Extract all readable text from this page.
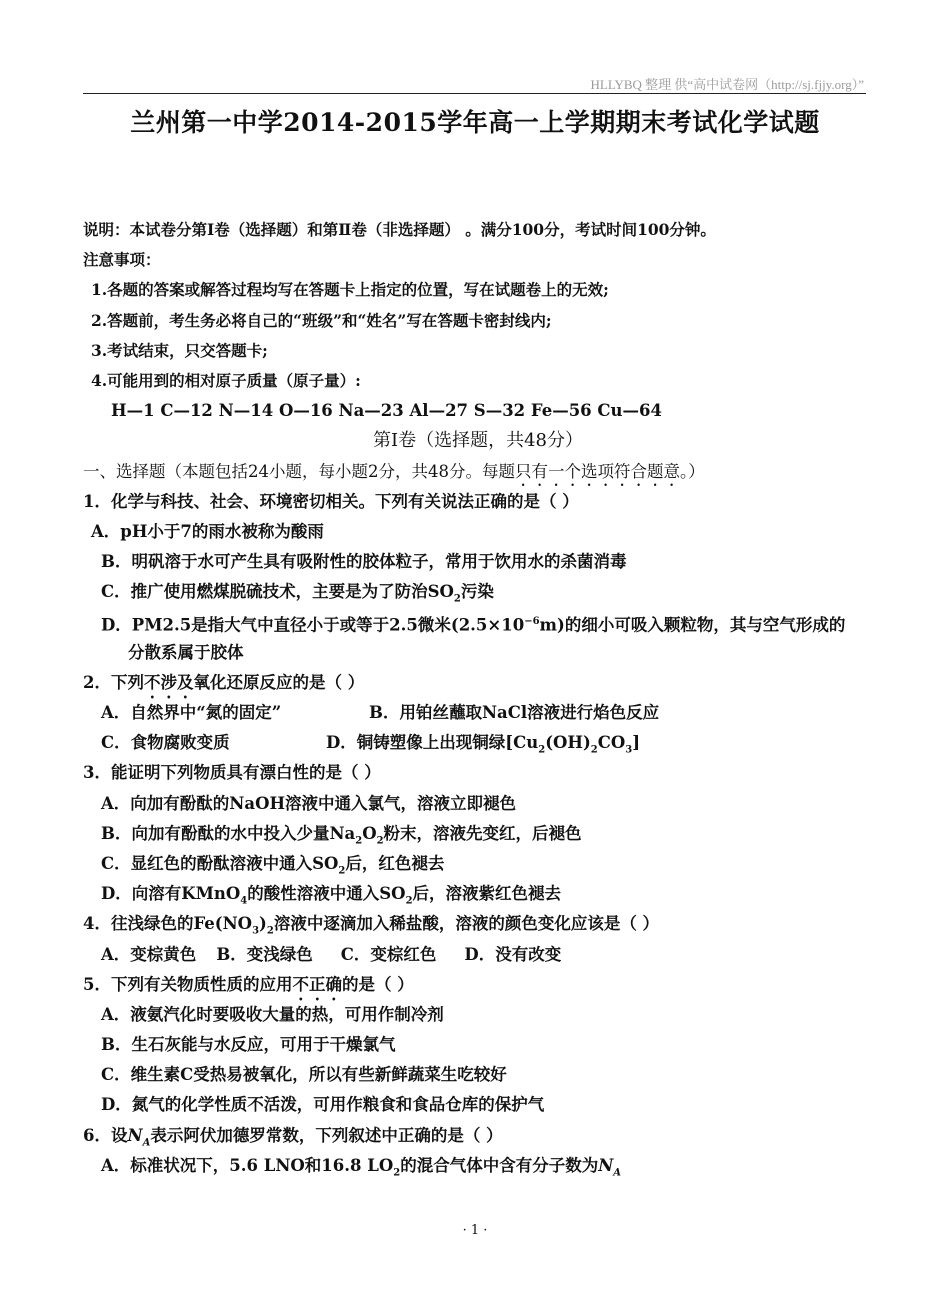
HLLYBQ 整理 供“高中试卷网（http://sj.fjjy.org）”
兰州第一中学2014-2015学年高一上学期期末考试化学试题
说明：本试卷分第Ⅰ卷（选择题）和第Ⅱ卷（非选择题） 。满分100分，考试时间100分钟。
注意事项：
1.各题的答案或解答过程均写在答题卡上指定的位置，写在试题卷上的无效;
2.答题前，考生务必将自己的“班级”和“姓名”写在答题卡密封线内;
3.考试结束，只交答题卡;
4.可能用到的相对原子质量（原子量）:
H—1 C—12 N—14 O—16 Na—23 Al—27 S—32 Fe—56 Cu—64
第Ⅰ卷（选择题，共48分）
一、选择题（本题包括24小题，每小题2分，共48分。每题只有一个选项符合题意。）
1．化学与科技、社会、环境密切相关。下列有关说法正确的是（ ）
A．pH小于7的雨水被称为酸雨
B．明矾溶于水可产生具有吸附性的胶体粒子，常用于饮用水的杀菌消毒
C．推广使用燃煤脱硫技术，主要是为了防治$SO_2$污染
D．PM2.5是指大气中直径小于或等于2.5微米$(2.5\times 10^{-6}m)$的细小可吸入颗粒物，其与空气形成的
分散系属于胶体
2．下列不涉及氧化还原反应的是（ ）
A．自然界中“氮的固定”	B．用铂丝蘸取NaCl溶液进行焰色反应
C．食物腐败变质	D．铜铸塑像上出现铜绿$[Cu_2(OH)_2CO_3]$
3．能证明下列物质具有漂白性的是（ ）
A．向加有酚酞的NaOH溶液中通入氯气，溶液立即褪色
B．向加有酚酞的水中投入少量$Na_2O_2$粉末，溶液先变红，后褪色
C．显红色的酚酞溶液中通入$SO_2$后，红色褪去
D．向溶有KMnO$_4$的酸性溶液中通入$SO_2$后，溶液紫红色褪去
4．往浅绿色的$Fe(NO_3)_2$溶液中逐滴加入稀盐酸，溶液的颜色变化应该是（ ）
A．变棕黄色 B．变浅绿色 C．变棕红色 D．没有改变
5．下列有关物质性质的应用不正确的是（ ）
A．液氨汽化时要吸收大量的热，可用作制冷剂
B．生石灰能与水反应，可用于干燥氯气
C．维生素C受热易被氧化，所以有些新鲜蔬菜生吃较好
D．氮气的化学性质不活泼，可用作粮食和食品仓库的保护气
6．设$N_A$表示阿伏加德罗常数，下列叙述中正确的是（ ）
A．标准状况下，5.6 LNO和16.8 $LO_2$的混合气体中含有分子数为$N_A$
· 1 ·
